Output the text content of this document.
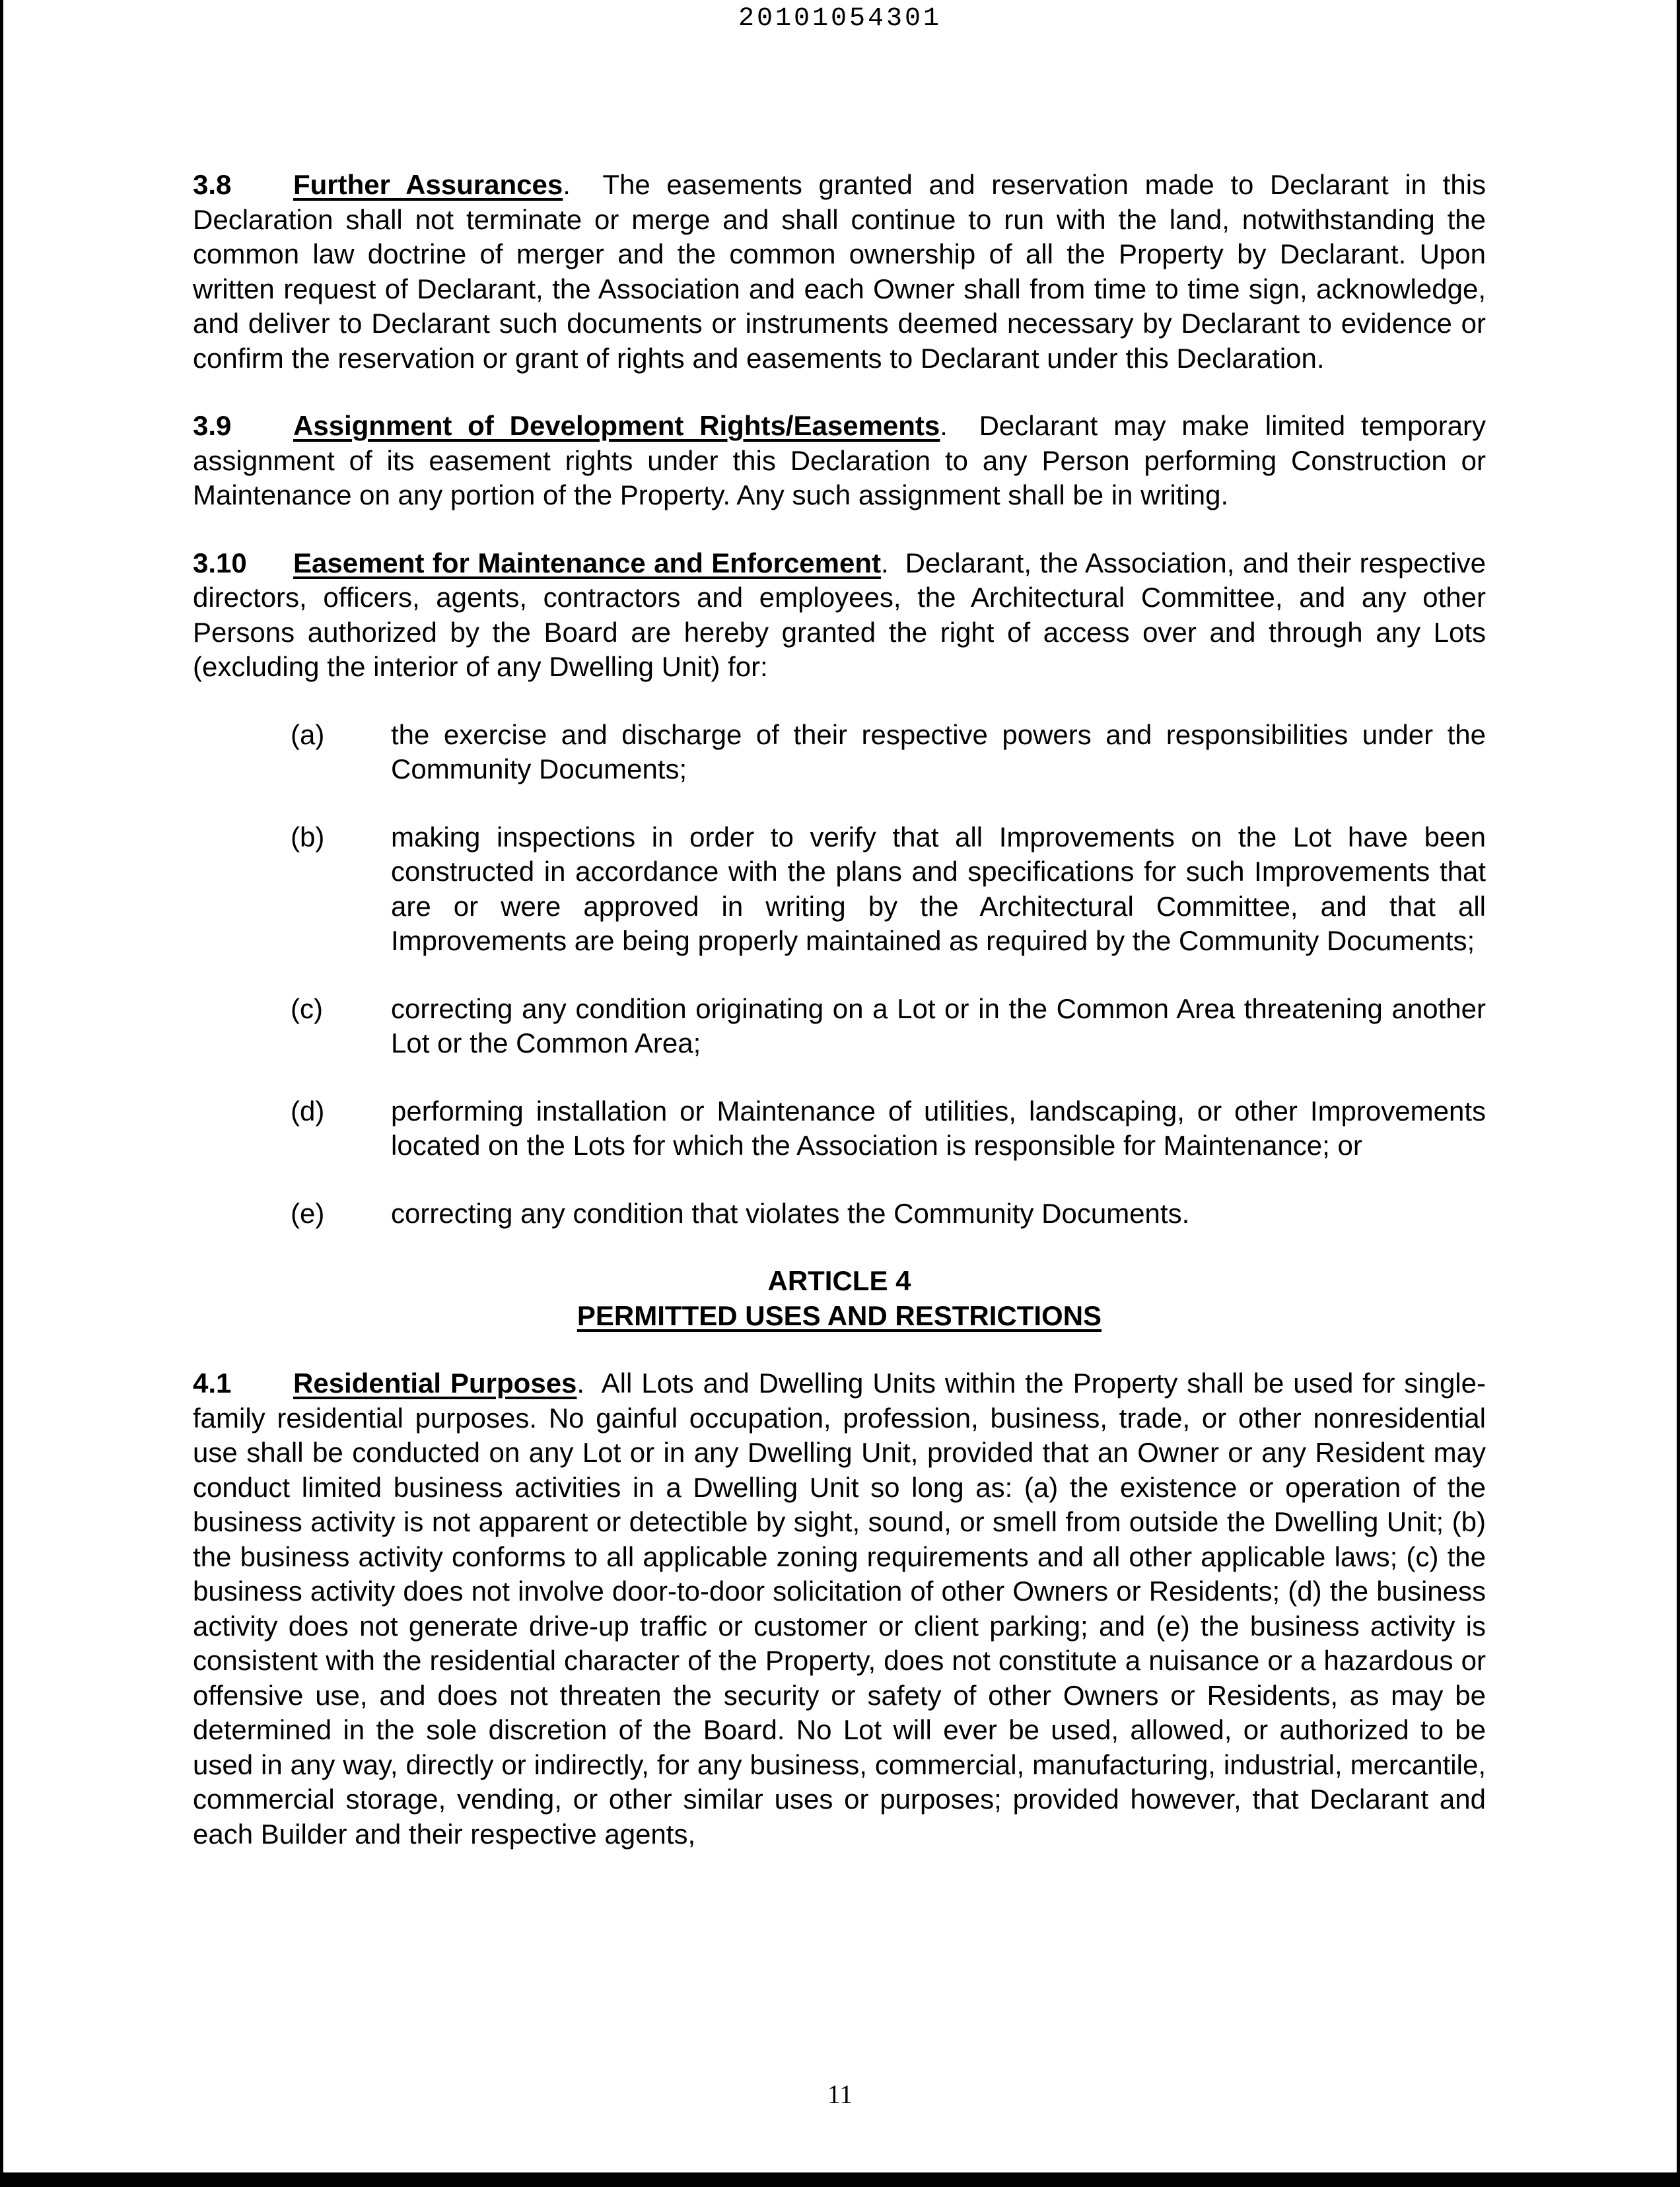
20101054301

3.8 Further Assurances.  The easements granted and reservation made to Declarant in this Declaration shall not terminate or merge and shall continue to run with the land, notwithstanding the common law doctrine of merger and the common ownership of all the Property by Declarant. Upon written request of Declarant, the Association and each Owner shall from time to time sign, acknowledge, and deliver to Declarant such documents or instruments deemed necessary by Declarant to evidence or confirm the reservation or grant of rights and easements to Declarant under this Declaration.

3.9 Assignment of Development Rights/Easements.  Declarant may make limited temporary assignment of its easement rights under this Declaration to any Person performing Construction or Maintenance on any portion of the Property. Any such assignment shall be in writing.

3.10 Easement for Maintenance and Enforcement.  Declarant, the Association, and their respective directors, officers, agents, contractors and employees, the Architectural Committee, and any other Persons authorized by the Board are hereby granted the right of access over and through any Lots (excluding the interior of any Dwelling Unit) for:

(a)	the exercise and discharge of their respective powers and responsibilities under the Community Documents;
(b)	making inspections in order to verify that all Improvements on the Lot have been constructed in accordance with the plans and specifications for such Improvements that are or were approved in writing by the Architectural Committee, and that all Improvements are being properly maintained as required by the Community Documents;
(c)	correcting any condition originating on a Lot or in the Common Area threatening another Lot or the Common Area;
(d)	performing installation or Maintenance of utilities, landscaping, or other Improvements located on the Lots for which the Association is responsible for Maintenance; or
(e)	correcting any condition that violates the Community Documents.
ARTICLE 4
PERMITTED USES AND RESTRICTIONS

4.1 Residential Purposes.  All Lots and Dwelling Units within the Property shall be used for single-family residential purposes. No gainful occupation, profession, business, trade, or other nonresidential use shall be conducted on any Lot or in any Dwelling Unit, provided that an Owner or any Resident may conduct limited business activities in a Dwelling Unit so long as: (a) the existence or operation of the business activity is not apparent or detectible by sight, sound, or smell from outside the Dwelling Unit; (b) the business activity conforms to all applicable zoning requirements and all other applicable laws; (c) the business activity does not involve door-to-door solicitation of other Owners or Residents; (d) the business activity does not generate drive-up traffic or customer or client parking; and (e) the business activity is consistent with the residential character of the Property, does not constitute a nuisance or a hazardous or offensive use, and does not threaten the security or safety of other Owners or Residents, as may be determined in the sole discretion of the Board. No Lot will ever be used, allowed, or authorized to be used in any way, directly or indirectly, for any business, commercial, manufacturing, industrial, mercantile, commercial storage, vending, or other similar uses or purposes; provided however, that Declarant and each Builder and their respective agents,

11
